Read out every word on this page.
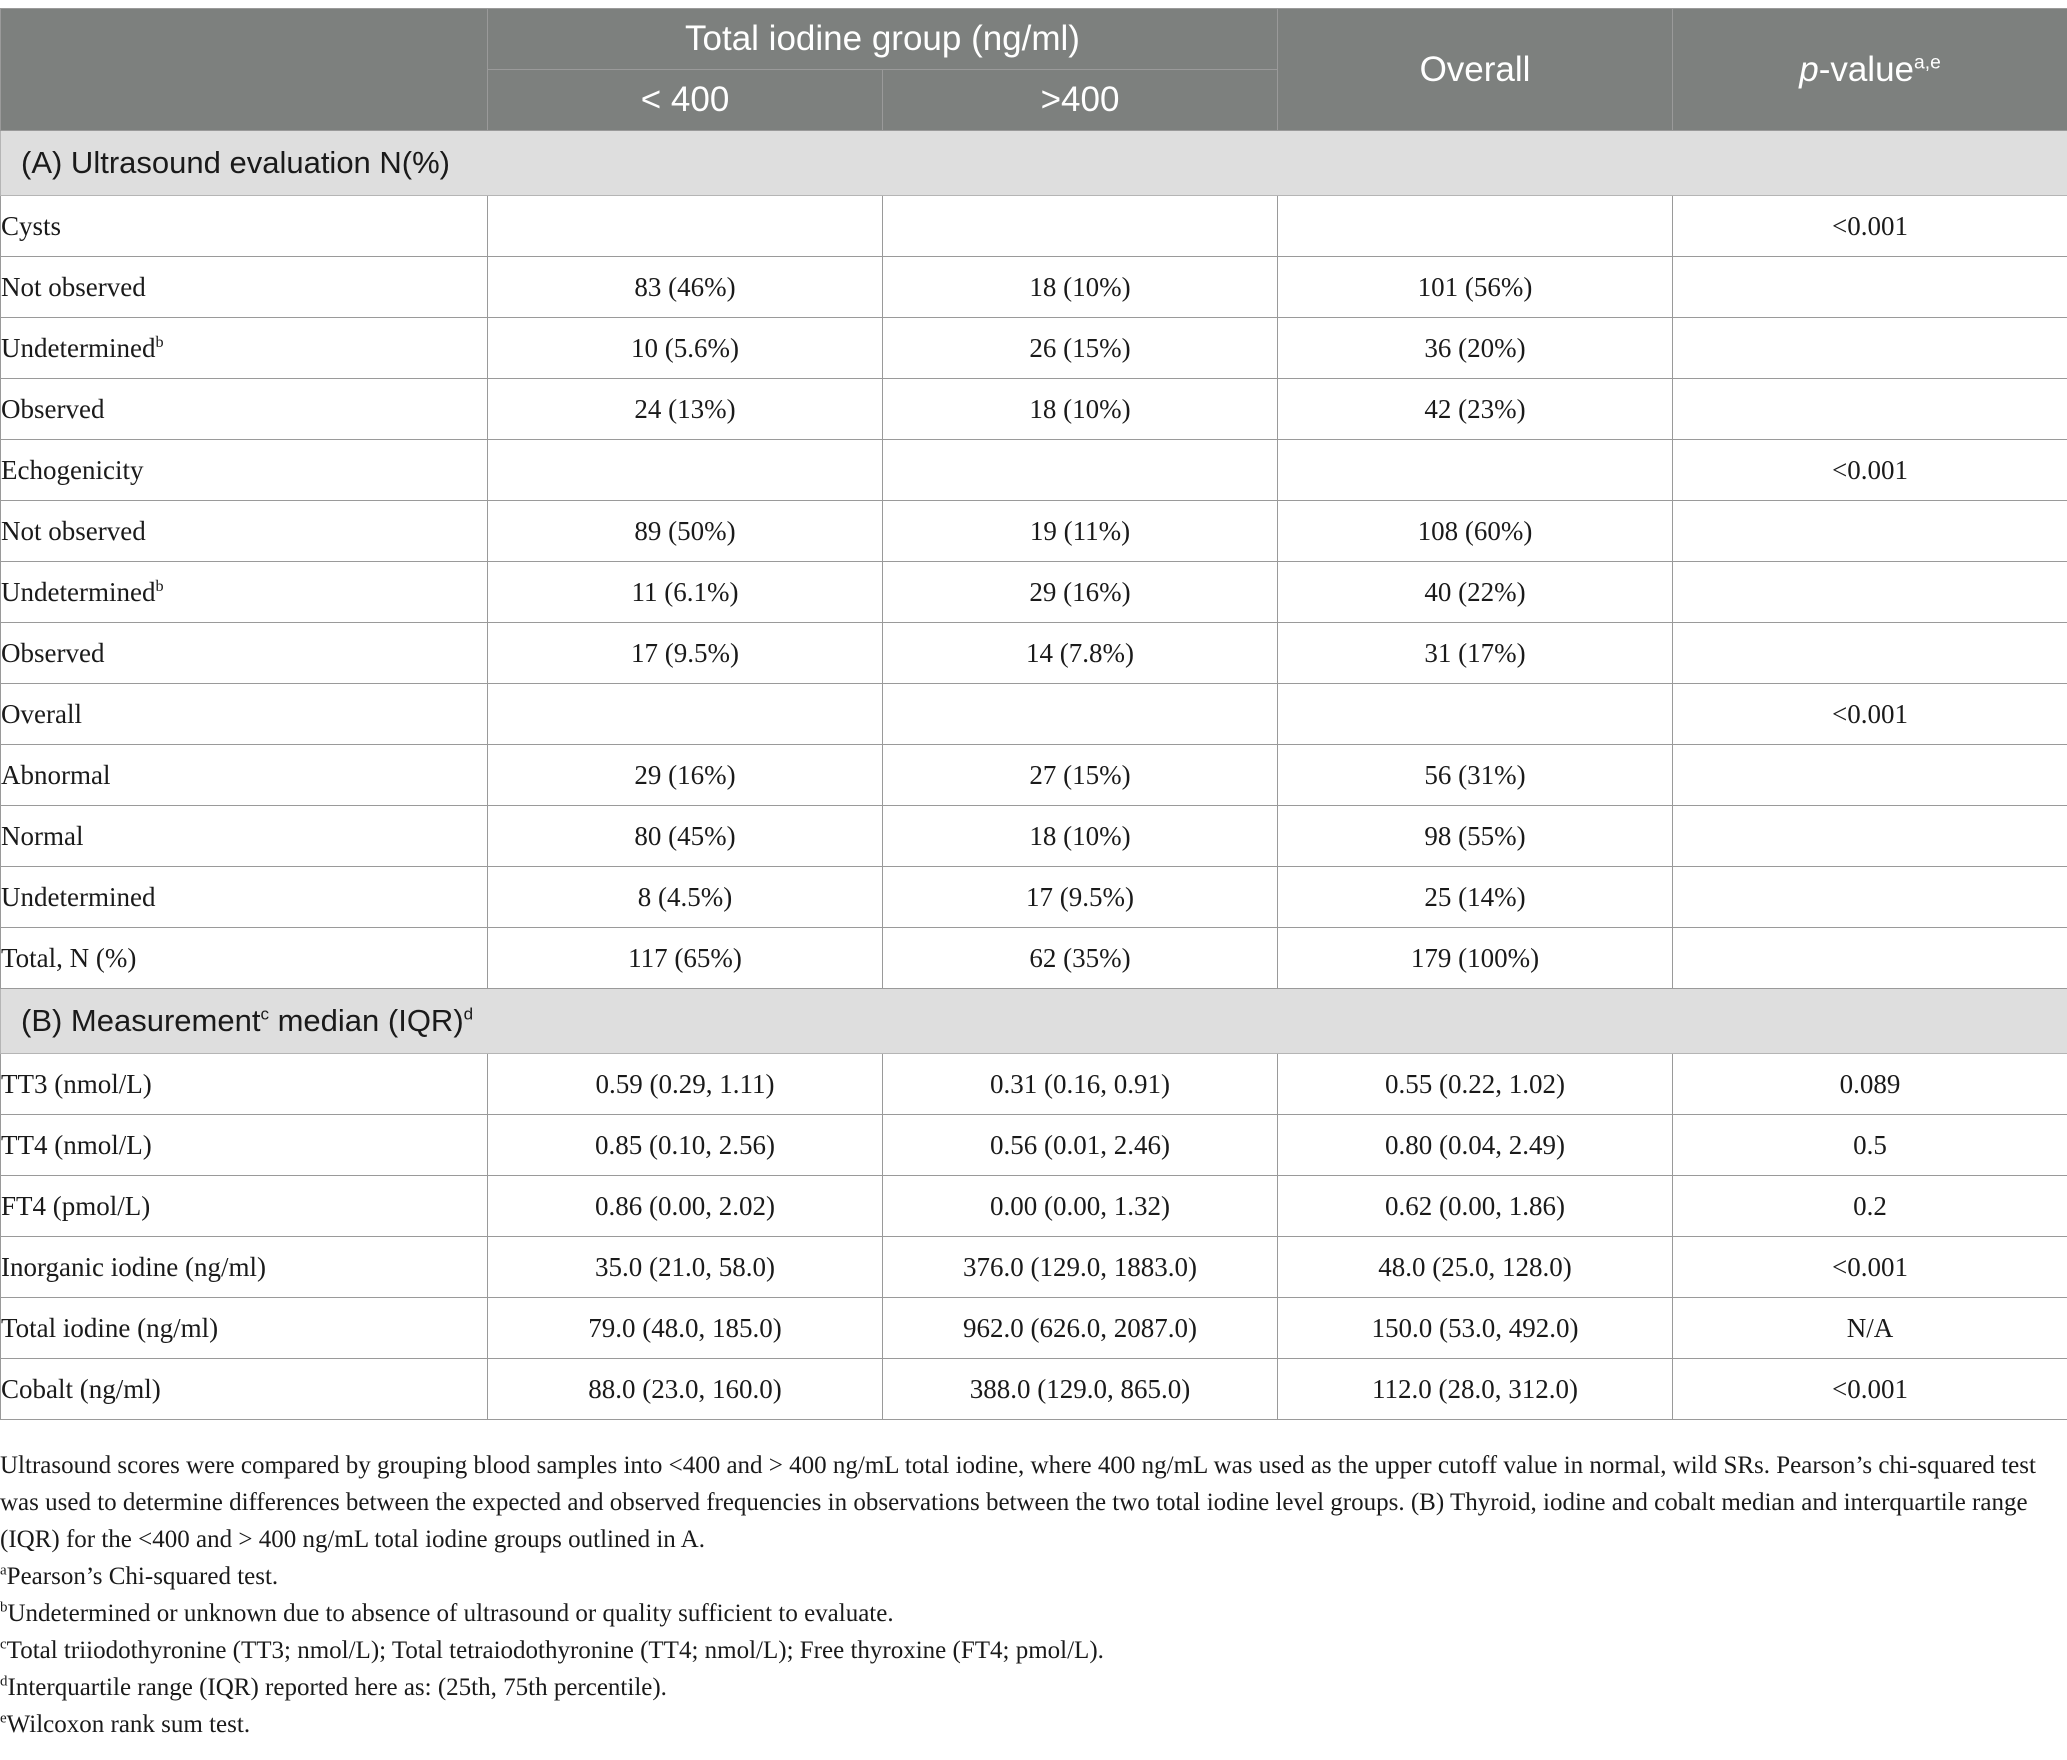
	Total iodine group (ng/ml)		Overall	p-value$^{a,e}$
	< 400	>400		
(A) Ultrasound evaluation N(%)				
Cysts				<0.001
Not observed	83 (46%)	18 (10%)	101 (56%)	
Undetermined$^b$	10 (5.6%)	26 (15%)	36 (20%)	
Observed	24 (13%)	18 (10%)	42 (23%)	
Echogenicity				<0.001
Not observed	89 (50%)	19 (11%)	108 (60%)	
Undetermined$^b$	11 (6.1%)	29 (16%)	40 (22%)	
Observed	17 (9.5%)	14 (7.8%)	31 (17%)	
Overall				<0.001
Abnormal	29 (16%)	27 (15%)	56 (31%)	
Normal	80 (45%)	18 (10%)	98 (55%)	
Undetermined	8 (4.5%)	17 (9.5%)	25 (14%)	
Total, N (%)	117 (65%)	62 (35%)	179 (100%)	
(B) Measurement$^c$ median (IQR)$^d$
TT3 (nmol/L)	0.59 (0.29, 1.11)	0.31 (0.16, 0.91)	0.55 (0.22, 1.02)	0.089
TT4 (nmol/L)	0.85 (0.10, 2.56)	0.56 (0.01, 2.46)	0.80 (0.04, 2.49)	0.5
FT4 (pmol/L)	0.86 (0.00, 2.02)	0.00 (0.00, 1.32)	0.62 (0.00, 1.86)	0.2
Inorganic iodine (ng/ml)	35.0 (21.0, 58.0)	376.0 (129.0, 1883.0)	48.0 (25.0, 128.0)	<0.001
Total iodine (ng/ml)	79.0 (48.0, 185.0)	962.0 (626.0, 2087.0)	150.0 (53.0, 492.0)	N/A
Cobalt (ng/ml)	88.0 (23.0, 160.0)	388.0 (129.0, 865.0)	112.0 (28.0, 312.0)	<0.001

Ultrasound scores were compared by grouping blood samples into <400 and > 400 ng/mL total iodine, where 400 ng/mL was used as the upper cutoff value in normal, wild SRs. Pearson’s chi-squared test was used to determine differences between the expected and observed frequencies in observations between the two total iodine level groups. (B) Thyroid, iodine and cobalt median and interquartile range (IQR) for the <400 and > 400 ng/mL total iodine groups outlined in A.

$^a$Pearson’s Chi-squared test.

$^b$Undetermined or unknown due to absence of ultrasound or quality sufficient to evaluate.

$^c$Total triiodothyronine (TT3; nmol/L); Total tetraiodothyronine (TT4; nmol/L); Free thyroxine (FT4; pmol/L).

$^d$Interquartile range (IQR) reported here as: (25th, 75th percentile).

$^e$Wilcoxon rank sum test.
